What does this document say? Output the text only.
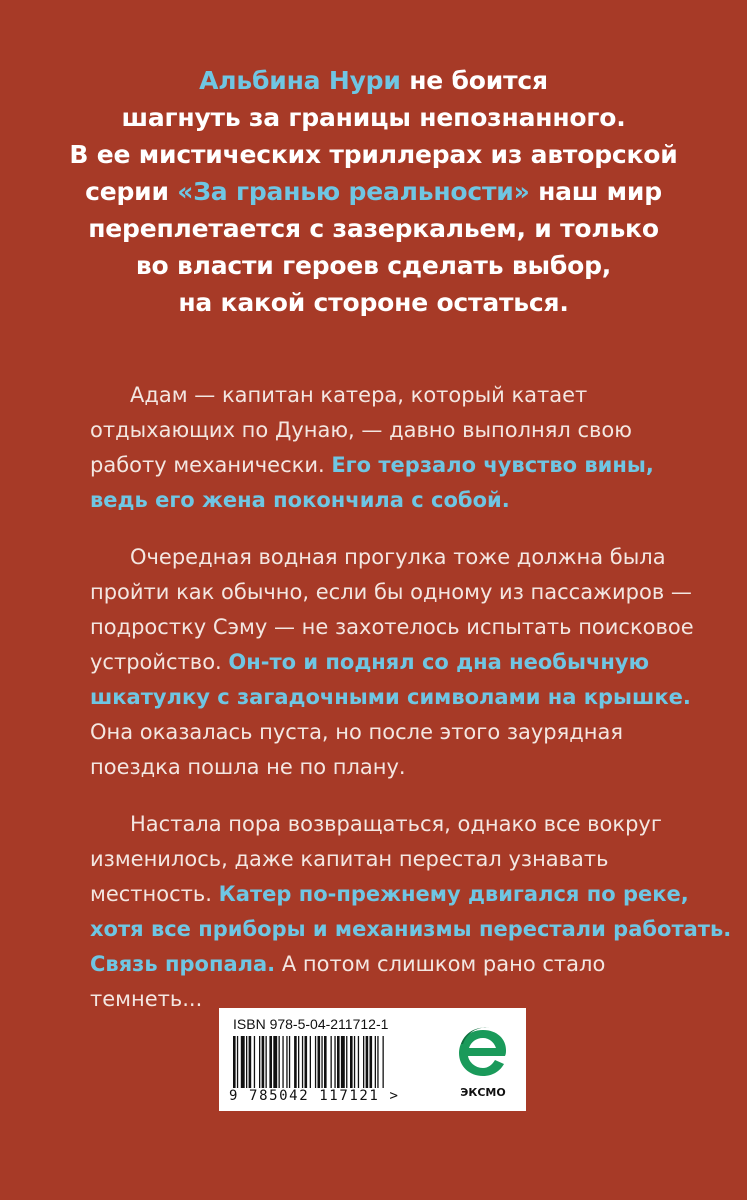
Альбина Нури не боится
шагнуть за границы непознанного.
В ее мистических триллерах из авторской
серии «За гранью реальности» наш мир
переплетается с зазеркальем, и только
во власти героев сделать выбор,
на какой стороне остаться.

Адам — капитан катера, который катает
отдыхающих по Дунаю, — давно выполнял свою
работу механически. Его терзало чувство вины,
ведь его жена покончила с собой.

Очередная водная прогулка тоже должна была
пройти как обычно, если бы одному из пассажиров —
подростку Сэму — не захотелось испытать поисковое
устройство. Он-то и поднял со дна необычную
шкатулку с загадочными символами на крышке.
Она оказалась пуста, но после этого заурядная
поездка пошла не по плану.

Настала пора возвращаться, однако все вокруг
изменилось, даже капитан перестал узнавать
местность. Катер по-прежнему двигался по реке,
хотя все приборы и механизмы перестали работать.
Связь пропала. А потом слишком рано стало
темнеть...

ISBN 978-5-04-211712-1
9 785042 117121 >	ЭКСМО
